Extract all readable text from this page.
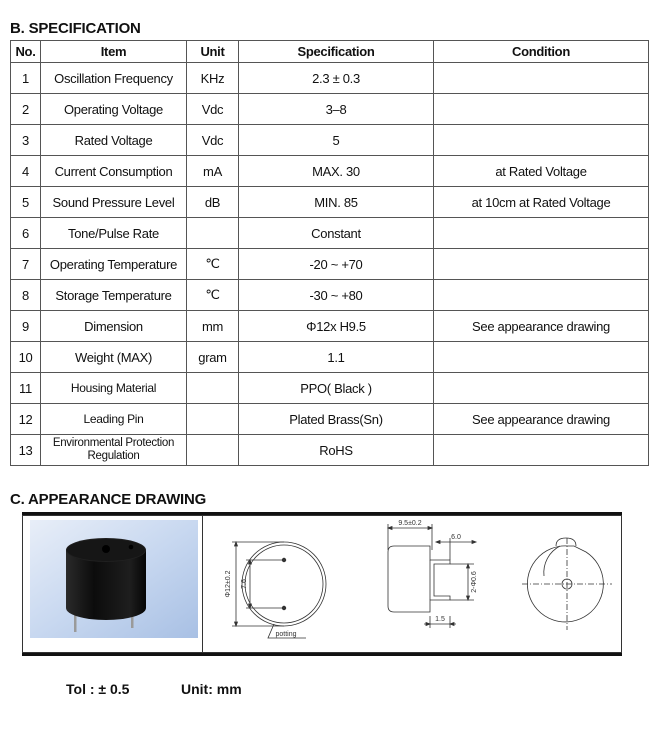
B. SPECIFICATION
No.	Item	Unit	Specification	Condition
1	Oscillation Frequency	KHz	2.3 ± 0.3	
2	Operating Voltage	Vdc	3–8	
3	Rated Voltage	Vdc	5	
4	Current Consumption	mA	MAX. 30	at Rated Voltage
5	Sound Pressure Level	dB	MIN. 85	at 10cm at Rated Voltage
6	Tone/Pulse Rate		Constant	
7	Operating Temperature	℃	-20 ~ +70	
8	Storage Temperature	℃	-30 ~ +80	
9	Dimension	mm	Φ12x H9.5	See appearance drawing
10	Weight (MAX)	gram	1.1	
11	Housing Material		PPO( Black )	
12	Leading Pin		Plated Brass(Sn)	See appearance drawing
13	Environmental Protection Regulation		RoHS	
C. APPEARANCE DRAWING
Φ12±0.2 7.6
potting
9.5±0.2
6.0
2-Φ0.6
1.5
Tol : ± 0.5	Unit: mm
